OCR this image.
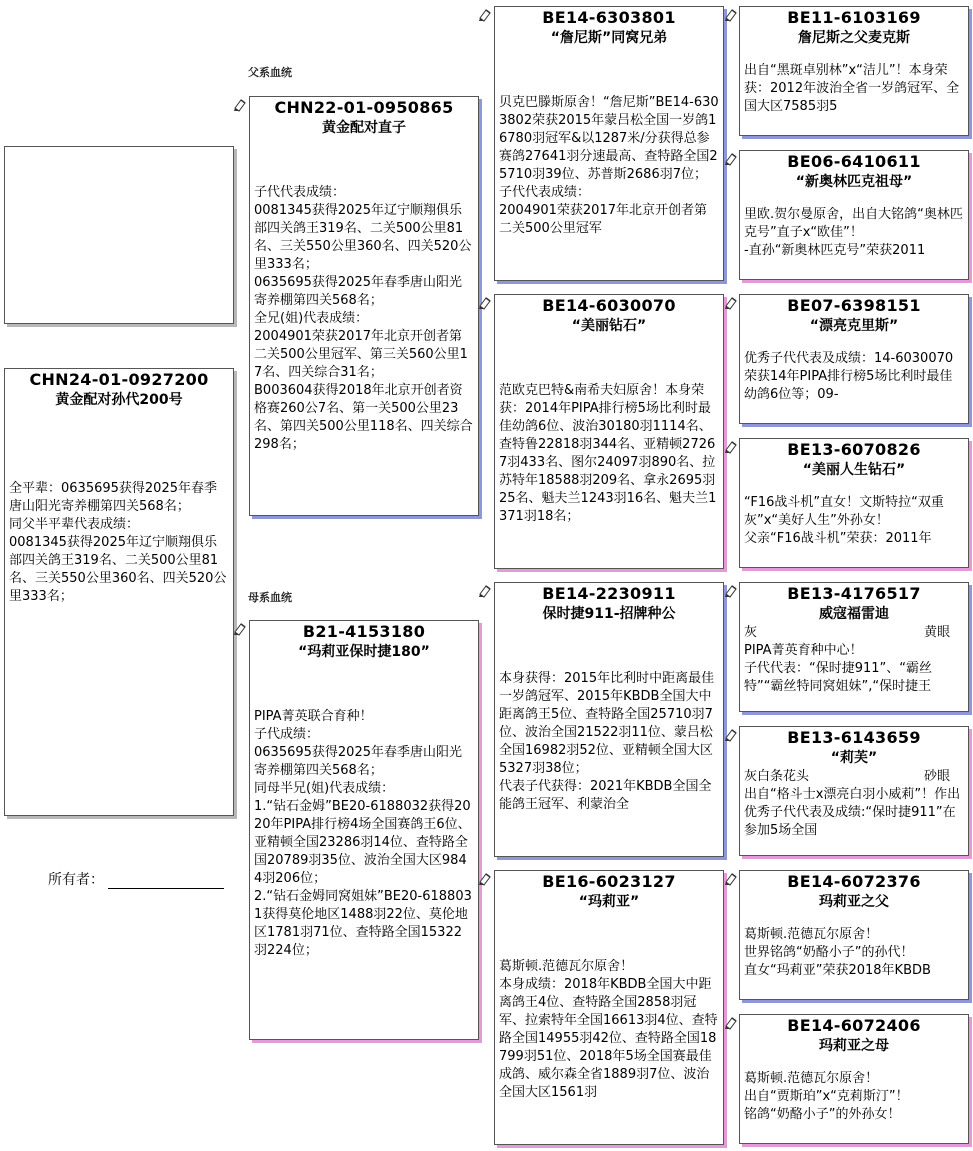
CHN24-01-0927200
黄金配对孙代200号
全平辈：0635695获得2025年春季唐山阳光寄养棚第四关568名；
同父半平辈代表成绩：
0081345获得2025年辽宁顺翔俱乐部四关鸽王319名、二关500公里81名、三关550公里360名、四关520公里333名；
所有者：
父系血统
母系血统
CHN22-01-0950865
黄金配对直子
子代代表成绩：
0081345获得2025年辽宁顺翔俱乐部四关鸽王319名、二关500公里81名、三关550公里360名、四关520公里333名；
0635695获得2025年春季唐山阳光寄养棚第四关568名；
全兄(姐)代表成绩：
2004901荣获2017年北京开创者第二关500公里冠军、第三关560公里17名、四关综合31名；
B003604获得2018年北京开创者资格赛260公7名、第一关500公里23名、第四关500公里118名、四关综合298名；
B21-4153180
“玛莉亚保时捷180”
PIPA菁英联合育种！
子代成绩：
0635695获得2025年春季唐山阳光寄养棚第四关568名；
同母半兄(姐)代表成绩：
1.“钻石金姆”BE20-6188032获得2020年PIPA排行榜4场全国赛鸽王6位、亚精顿全国23286羽14位、查特路全国20789羽35位、波治全国大区9844羽206位；
2.“钻石金姆同窝姐妹”BE20-6188031获得莫伦地区1488羽22位、莫伦地区1781羽71位、查特路全国15322羽224位；
BE14-6303801
“詹尼斯”同窝兄弟
贝克巴滕斯原舍！“詹尼斯”BE14-6303802荣获2015年蒙吕松全国一岁鸽16780羽冠军&以1287米/分获得总参赛鸽27641羽分速最高、查特路全国25710羽39位、苏普斯2686羽7位；
子代代表成绩：
2004901荣获2017年北京开创者第二关500公里冠军
BE14-6030070
“美丽钻石”
范欧克巴特&南希夫妇原舍！本身荣获：2014年PIPA排行榜5场比利时最佳幼鸽6位、波治30180羽1114名、查特鲁22818羽344名、亚精顿27267羽433名、图尔24097羽890名、拉苏特年18588羽209名、拿永2695羽25名、魁夫兰1243羽16名、魁夫兰1371羽18名；
BE14-2230911
保时捷911-招牌种公
本身获得：2015年比利时中距离最佳一岁鸽冠军、2015年KBDB全国大中距离鸽王5位、查特路全国25710羽7位、波治全国21522羽11位、蒙吕松全国16982羽52位、亚精顿全国大区5327羽38位；
代表子代获得：2021年KBDB全国全能鸽王冠军、利蒙治全
BE16-6023127
“玛莉亚”
葛斯顿.范德瓦尔原舍！
本身成绩：2018年KBDB全国大中距离鸽王4位、查特路全国2858羽冠军、拉索特年全国16613羽4位、查特路全国14955羽42位、查特路全国18799羽51位、2018年5场全国赛最佳成鸽、威尔森全省1889羽7位、波治全国大区1561羽
BE11-6103169
詹尼斯之父麦克斯
出自“黑斑卓别林”x“洁儿”！本身荣获：2012年波治全省一岁鸽冠军、全国大区7585羽5
BE06-6410611
“新奥林匹克祖母”
里欧.贺尔曼原舍，出自大铭鸽“奥林匹克号”直子x“欧佳”！
-直孙“新奥林匹克号”荣获2011
BE07-6398151
“漂亮克里斯”
优秀子代代表及成绩：14-6030070荣获14年PIPA排行榜5场比利时最佳幼鸽6位等；09-
BE13-6070826
“美丽人生钻石”
“F16战斗机”直女！文斯特拉“双重灰”x“美好人生”外孙女！
父亲“F16战斗机”荣获：2011年
BE13-4176517
威寇福雷迪
灰	黄眼
PIPA菁英育种中心！
子代代表：“保时捷911”、“霸丝特”“霸丝特同窝姐妹”,“保时捷王
BE13-6143659
“莉芙”
灰白条花头	砂眼
出自“格斗士x漂亮白羽小威莉”！作出优秀子代代表及成绩:“保时捷911”在参加5场全国
BE14-6072376
玛莉亚之父
葛斯顿.范德瓦尔原舍！
世界铭鸽“奶酪小子”的孙代！
直女“玛莉亚”荣获2018年KBDB
BE14-6072406
玛莉亚之母
葛斯顿.范德瓦尔原舍！
出自“贾斯珀”x“克莉斯汀”！
铭鸽“奶酪小子”的外孙女！
